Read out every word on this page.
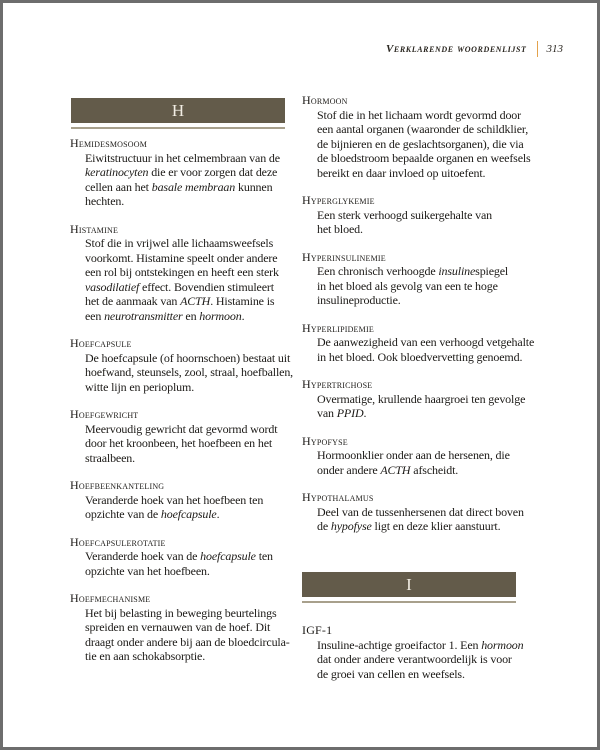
Verklarende woordenlijst 313
H
I
Hemidesmosoom
Eiwitstructuur in het celmembraan van de
keratinocyten die er voor zorgen dat deze
cellen aan het basale membraan kunnen
hechten.
Histamine
Stof die in vrijwel alle lichaamsweefsels
voorkomt. Histamine speelt onder andere
een rol bij ontstekingen en heeft een sterk
vasodilatief effect. Bovendien stimuleert
het de aanmaak van ACTH. Histamine is
een neurotransmitter en hormoon.
Hoefcapsule
De hoefcapsule (of hoornschoen) bestaat uit
hoefwand, steunsels, zool, straal, hoefballen,
witte lijn en perioplum.
Hoefgewricht
Meervoudig gewricht dat gevormd wordt
door het kroonbeen, het hoefbeen en het
straalbeen.
Hoefbeenkanteling
Veranderde hoek van het hoefbeen ten
opzichte van de hoefcapsule.
Hoefcapsulerotatie
Veranderde hoek van de hoefcapsule ten
opzichte van het hoefbeen.
Hoefmechanisme
Het bij belasting in beweging beurtelings
spreiden en vernauwen van de hoef. Dit
draagt onder andere bij aan de bloedcircula-
tie en aan schokabsorptie.
Hormoon
Stof die in het lichaam wordt gevormd door
een aantal organen (waaronder de schildklier,
de bijnieren en de geslachtsorganen), die via
de bloedstroom bepaalde organen en weefsels
bereikt en daar invloed op uitoefent.
Hyperglykemie
Een sterk verhoogd suikergehalte van
het bloed.
Hyperinsulinemie
Een chronisch verhoogde insulinespiegel
in het bloed als gevolg van een te hoge
insulineproductie.
Hyperlipidemie
De aanwezigheid van een verhoogd vetgehalte
in het bloed. Ook bloedvervetting genoemd.
Hypertrichose
Overmatige, krullende haargroei ten gevolge
van PPID.
Hypofyse
Hormoonklier onder aan de hersenen, die
onder andere ACTH afscheidt.
Hypothalamus
Deel van de tussenhersenen dat direct boven
de hypofyse ligt en deze klier aanstuurt.
IGF-1
Insuline-achtige groeifactor 1. Een hormoon
dat onder andere verantwoordelijk is voor
de groei van cellen en weefsels.
